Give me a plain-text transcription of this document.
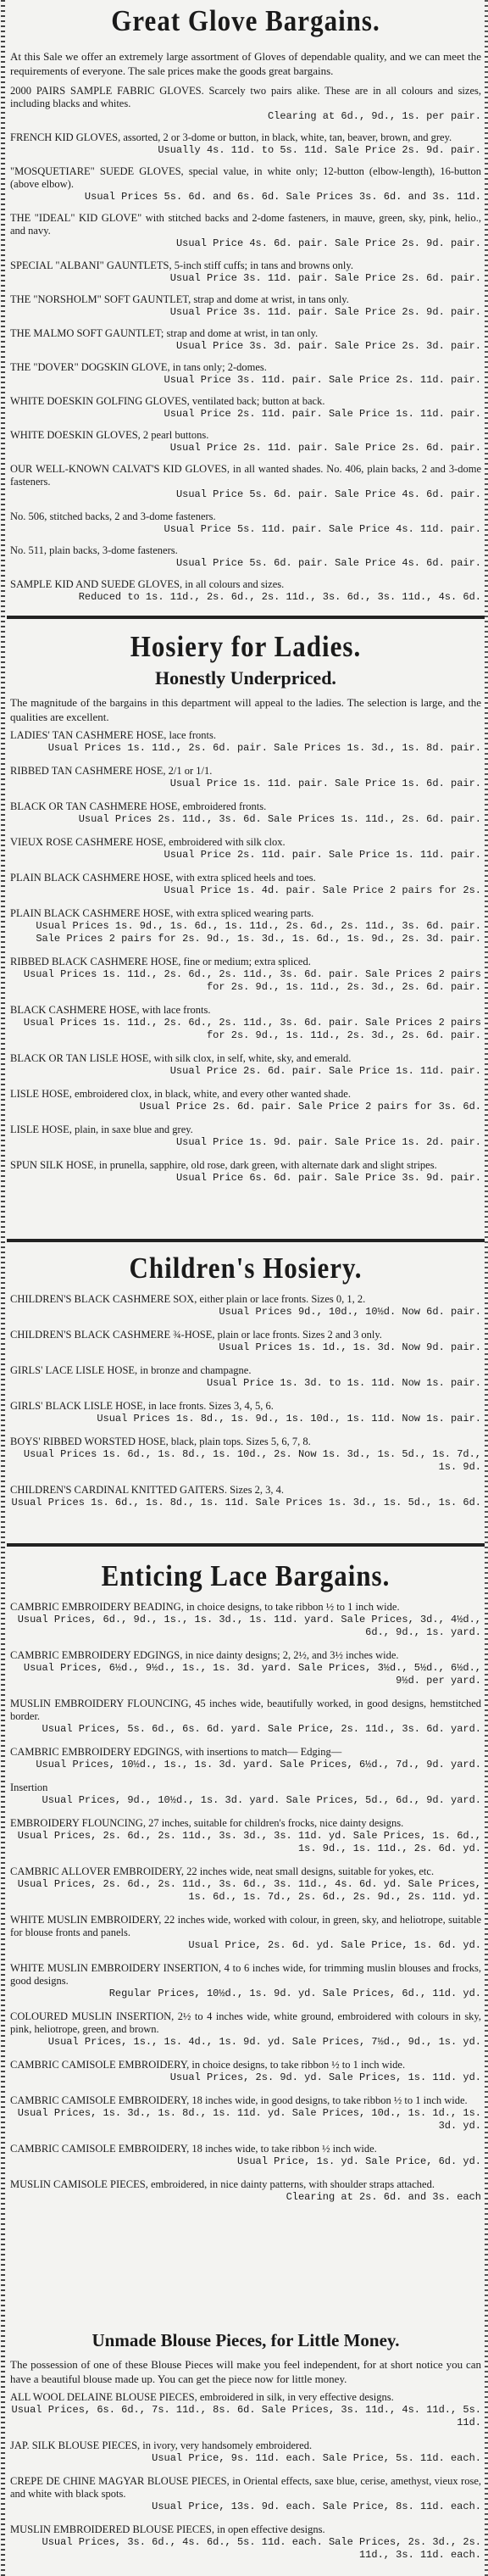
Great Glove Bargains.

At this Sale we offer an extremely large assortment of Gloves of dependable quality, and we can meet the requirements of everyone. The sale prices make the goods great bargains.

2000 PAIRS SAMPLE FABRIC GLOVES. Scarcely two pairs alike. These are in all colours and sizes, including blacks and whites.
Clearing at 6d., 9d., 1s. per pair.
FRENCH KID GLOVES, assorted, 2 or 3-dome or button, in black, white, tan, beaver, brown, and grey.
Usually 4s. 11d. to 5s. 11d. Sale Price 2s. 9d. pair.
"MOSQUETIARE" SUEDE GLOVES, special value, in white only; 12-button (elbow-length), 16-button (above elbow).
Usual Prices 5s. 6d. and 6s. 6d. Sale Prices 3s. 6d. and 3s. 11d.
THE "IDEAL" KID GLOVE" with stitched backs and 2-dome fasteners, in mauve, green, sky, pink, helio., and navy.
Usual Price 4s. 6d. pair. Sale Price 2s. 9d. pair.
SPECIAL "ALBANI" GAUNTLETS, 5-inch stiff cuffs; in tans and browns only.
Usual Price 3s. 11d. pair. Sale Price 2s. 6d. pair.
THE "NORSHOLM" SOFT GAUNTLET, strap and dome at wrist, in tans only.
Usual Price 3s. 11d. pair. Sale Price 2s. 9d. pair.
THE MALMO SOFT GAUNTLET; strap and dome at wrist, in tan only.
Usual Price 3s. 3d. pair. Sale Price 2s. 3d. pair.
THE "DOVER" DOGSKIN GLOVE, in tans only; 2-domes.
Usual Price 3s. 11d. pair. Sale Price 2s. 11d. pair.
WHITE DOESKIN GOLFING GLOVES, ventilated back; button at back.
Usual Price 2s. 11d. pair. Sale Price 1s. 11d. pair.
WHITE DOESKIN GLOVES, 2 pearl buttons.
Usual Price 2s. 11d. pair. Sale Price 2s. 6d. pair.
OUR WELL-KNOWN CALVAT'S KID GLOVES, in all wanted shades. No. 406, plain backs, 2 and 3-dome fasteners.
Usual Price 5s. 6d. pair. Sale Price 4s. 6d. pair.
No. 506, stitched backs, 2 and 3-dome fasteners.
Usual Price 5s. 11d. pair. Sale Price 4s. 11d. pair.
No. 511, plain backs, 3-dome fasteners.
Usual Price 5s. 6d. pair. Sale Price 4s. 6d. pair.
SAMPLE KID AND SUEDE GLOVES, in all colours and sizes.
Reduced to 1s. 11d., 2s. 6d., 2s. 11d., 3s. 6d., 3s. 11d., 4s. 6d.
Hosiery for Ladies.
Honestly Underpriced.

The magnitude of the bargains in this department will appeal to the ladies. The selection is large, and the qualities are excellent.

LADIES' TAN CASHMERE HOSE, lace fronts.
Usual Prices 1s. 11d., 2s. 6d. pair. Sale Prices 1s. 3d., 1s. 8d. pair.
RIBBED TAN CASHMERE HOSE, 2/1 or 1/1.
Usual Price 1s. 11d. pair. Sale Price 1s. 6d. pair.
BLACK OR TAN CASHMERE HOSE, embroidered fronts.
Usual Prices 2s. 11d., 3s. 6d. Sale Prices 1s. 11d., 2s. 6d. pair.
VIEUX ROSE CASHMERE HOSE, embroidered with silk clox.
Usual Price 2s. 11d. pair. Sale Price 1s. 11d. pair.
PLAIN BLACK CASHMERE HOSE, with extra spliced heels and toes.
Usual Price 1s. 4d. pair. Sale Price 2 pairs for 2s.
PLAIN BLACK CASHMERE HOSE, with extra spliced wearing parts.
Usual Prices 1s. 9d., 1s. 6d., 1s. 11d., 2s. 6d., 2s. 11d., 3s. 6d. pair. Sale Prices 2 pairs for 2s. 9d., 1s. 3d., 1s. 6d., 1s. 9d., 2s. 3d. pair.
RIBBED BLACK CASHMERE HOSE, fine or medium; extra spliced.
Usual Prices 1s. 11d., 2s. 6d., 2s. 11d., 3s. 6d. pair. Sale Prices 2 pairs for 2s. 9d., 1s. 11d., 2s. 3d., 2s. 6d. pair.
BLACK CASHMERE HOSE, with lace fronts.
Usual Prices 1s. 11d., 2s. 6d., 2s. 11d., 3s. 6d. pair. Sale Prices 2 pairs for 2s. 9d., 1s. 11d., 2s. 3d., 2s. 6d. pair.
BLACK OR TAN LISLE HOSE, with silk clox, in self, white, sky, and emerald.
Usual Price 2s. 6d. pair. Sale Price 1s. 11d. pair.
LISLE HOSE, embroidered clox, in black, white, and every other wanted shade.
Usual Price 2s. 6d. pair. Sale Price 2 pairs for 3s. 6d.
LISLE HOSE, plain, in saxe blue and grey.
Usual Price 1s. 9d. pair. Sale Price 1s. 2d. pair.
SPUN SILK HOSE, in prunella, sapphire, old rose, dark green, with alternate dark and slight stripes.
Usual Price 6s. 6d. pair. Sale Price 3s. 9d. pair.
Children's Hosiery.
CHILDREN'S BLACK CASHMERE SOX, either plain or lace fronts. Sizes 0, 1, 2.
Usual Prices 9d., 10d., 10½d. Now 6d. pair.
CHILDREN'S BLACK CASHMERE ¾-HOSE, plain or lace fronts. Sizes 2 and 3 only.
Usual Prices 1s. 1d., 1s. 3d. Now 9d. pair.
GIRLS' LACE LISLE HOSE, in bronze and champagne.
Usual Price 1s. 3d. to 1s. 11d. Now 1s. pair.
GIRLS' BLACK LISLE HOSE, in lace fronts. Sizes 3, 4, 5, 6.
Usual Prices 1s. 8d., 1s. 9d., 1s. 10d., 1s. 11d. Now 1s. pair.
BOYS' RIBBED WORSTED HOSE, black, plain tops. Sizes 5, 6, 7, 8.
Usual Prices 1s. 6d., 1s. 8d., 1s. 10d., 2s. Now 1s. 3d., 1s. 5d., 1s. 7d., 1s. 9d.
CHILDREN'S CARDINAL KNITTED GAITERS. Sizes 2, 3, 4.
Usual Prices 1s. 6d., 1s. 8d., 1s. 11d. Sale Prices 1s. 3d., 1s. 5d., 1s. 6d.
Enticing Lace Bargains.
CAMBRIC EMBROIDERY BEADING, in choice designs, to take ribbon ½ to 1 inch wide.
Usual Prices, 6d., 9d., 1s., 1s. 3d., 1s. 11d. yard. Sale Prices, 3d., 4½d., 6d., 9d., 1s. yard.
CAMBRIC EMBROIDERY EDGINGS, in nice dainty designs; 2, 2½, and 3½ inches wide.
Usual Prices, 6½d., 9½d., 1s., 1s. 3d. yard. Sale Prices, 3½d., 5½d., 6½d., 9½d. per yard.
MUSLIN EMBROIDERY FLOUNCING, 45 inches wide, beautifully worked, in good designs, hemstitched border.
Usual Prices, 5s. 6d., 6s. 6d. yard. Sale Price, 2s. 11d., 3s. 6d. yard.
CAMBRIC EMBROIDERY EDGINGS, with insertions to match— Edging—
Usual Prices, 10½d., 1s., 1s. 3d. yard. Sale Prices, 6½d., 7d., 9d. yard.
Insertion
Usual Prices, 9d., 10½d., 1s. 3d. yard. Sale Prices, 5d., 6d., 9d. yard.
EMBROIDERY FLOUNCING, 27 inches, suitable for children's frocks, nice dainty designs.
Usual Prices, 2s. 6d., 2s. 11d., 3s. 3d., 3s. 11d. yd. Sale Prices, 1s. 6d., 1s. 9d., 1s. 11d., 2s. 6d. yd.
CAMBRIC ALLOVER EMBROIDERY, 22 inches wide, neat small designs, suitable for yokes, etc.
Usual Prices, 2s. 6d., 2s. 11d., 3s. 6d., 3s. 11d., 4s. 6d. yd. Sale Prices, 1s. 6d., 1s. 7d., 2s. 6d., 2s. 9d., 2s. 11d. yd.
WHITE MUSLIN EMBROIDERY, 22 inches wide, worked with colour, in green, sky, and heliotrope, suitable for blouse fronts and panels.
Usual Price, 2s. 6d. yd. Sale Price, 1s. 6d. yd.
WHITE MUSLIN EMBROIDERY INSERTION, 4 to 6 inches wide, for trimming muslin blouses and frocks, good designs.
Regular Prices, 10½d., 1s. 9d. yd. Sale Prices, 6d., 11d. yd.
COLOURED MUSLIN INSERTION, 2½ to 4 inches wide, white ground, embroidered with colours in sky, pink, heliotrope, green, and brown.
Usual Prices, 1s., 1s. 4d., 1s. 9d. yd. Sale Prices, 7½d., 9d., 1s. yd.
CAMBRIC CAMISOLE EMBROIDERY, in choice designs, to take ribbon ½ to 1 inch wide.
Usual Prices, 2s. 9d. yd. Sale Prices, 1s. 11d. yd.
CAMBRIC CAMISOLE EMBROIDERY, 18 inches wide, in good designs, to take ribbon ½ to 1 inch wide.
Usual Prices, 1s. 3d., 1s. 8d., 1s. 11d. yd. Sale Prices, 10d., 1s. 1d., 1s. 3d. yd.
CAMBRIC CAMISOLE EMBROIDERY, 18 inches wide, to take ribbon ½ inch wide.
Usual Price, 1s. yd. Sale Price, 6d. yd.
MUSLIN CAMISOLE PIECES, embroidered, in nice dainty patterns, with shoulder straps attached.
Clearing at 2s. 6d. and 3s. each
Unmade Blouse Pieces, for Little Money.

The possession of one of these Blouse Pieces will make you feel independent, for at short notice you can have a beautiful blouse made up. You can get the piece now for little money.

ALL WOOL DELAINE BLOUSE PIECES, embroidered in silk, in very effective designs.
Usual Prices, 6s. 6d., 7s. 11d., 8s. 6d. Sale Prices, 3s. 11d., 4s. 11d., 5s. 11d.
JAP. SILK BLOUSE PIECES, in ivory, very handsomely embroidered.
Usual Price, 9s. 11d. each. Sale Price, 5s. 11d. each.
CREPE DE CHINE MAGYAR BLOUSE PIECES, in Oriental effects, saxe blue, cerise, amethyst, vieux rose, and white with black spots.
Usual Price, 13s. 9d. each. Sale Price, 8s. 11d. each.
MUSLIN EMBROIDERED BLOUSE PIECES, in open effective designs.
Usual Prices, 3s. 6d., 4s. 6d., 5s. 11d. each. Sale Prices, 2s. 3d., 2s. 11d., 3s. 11d. each.
